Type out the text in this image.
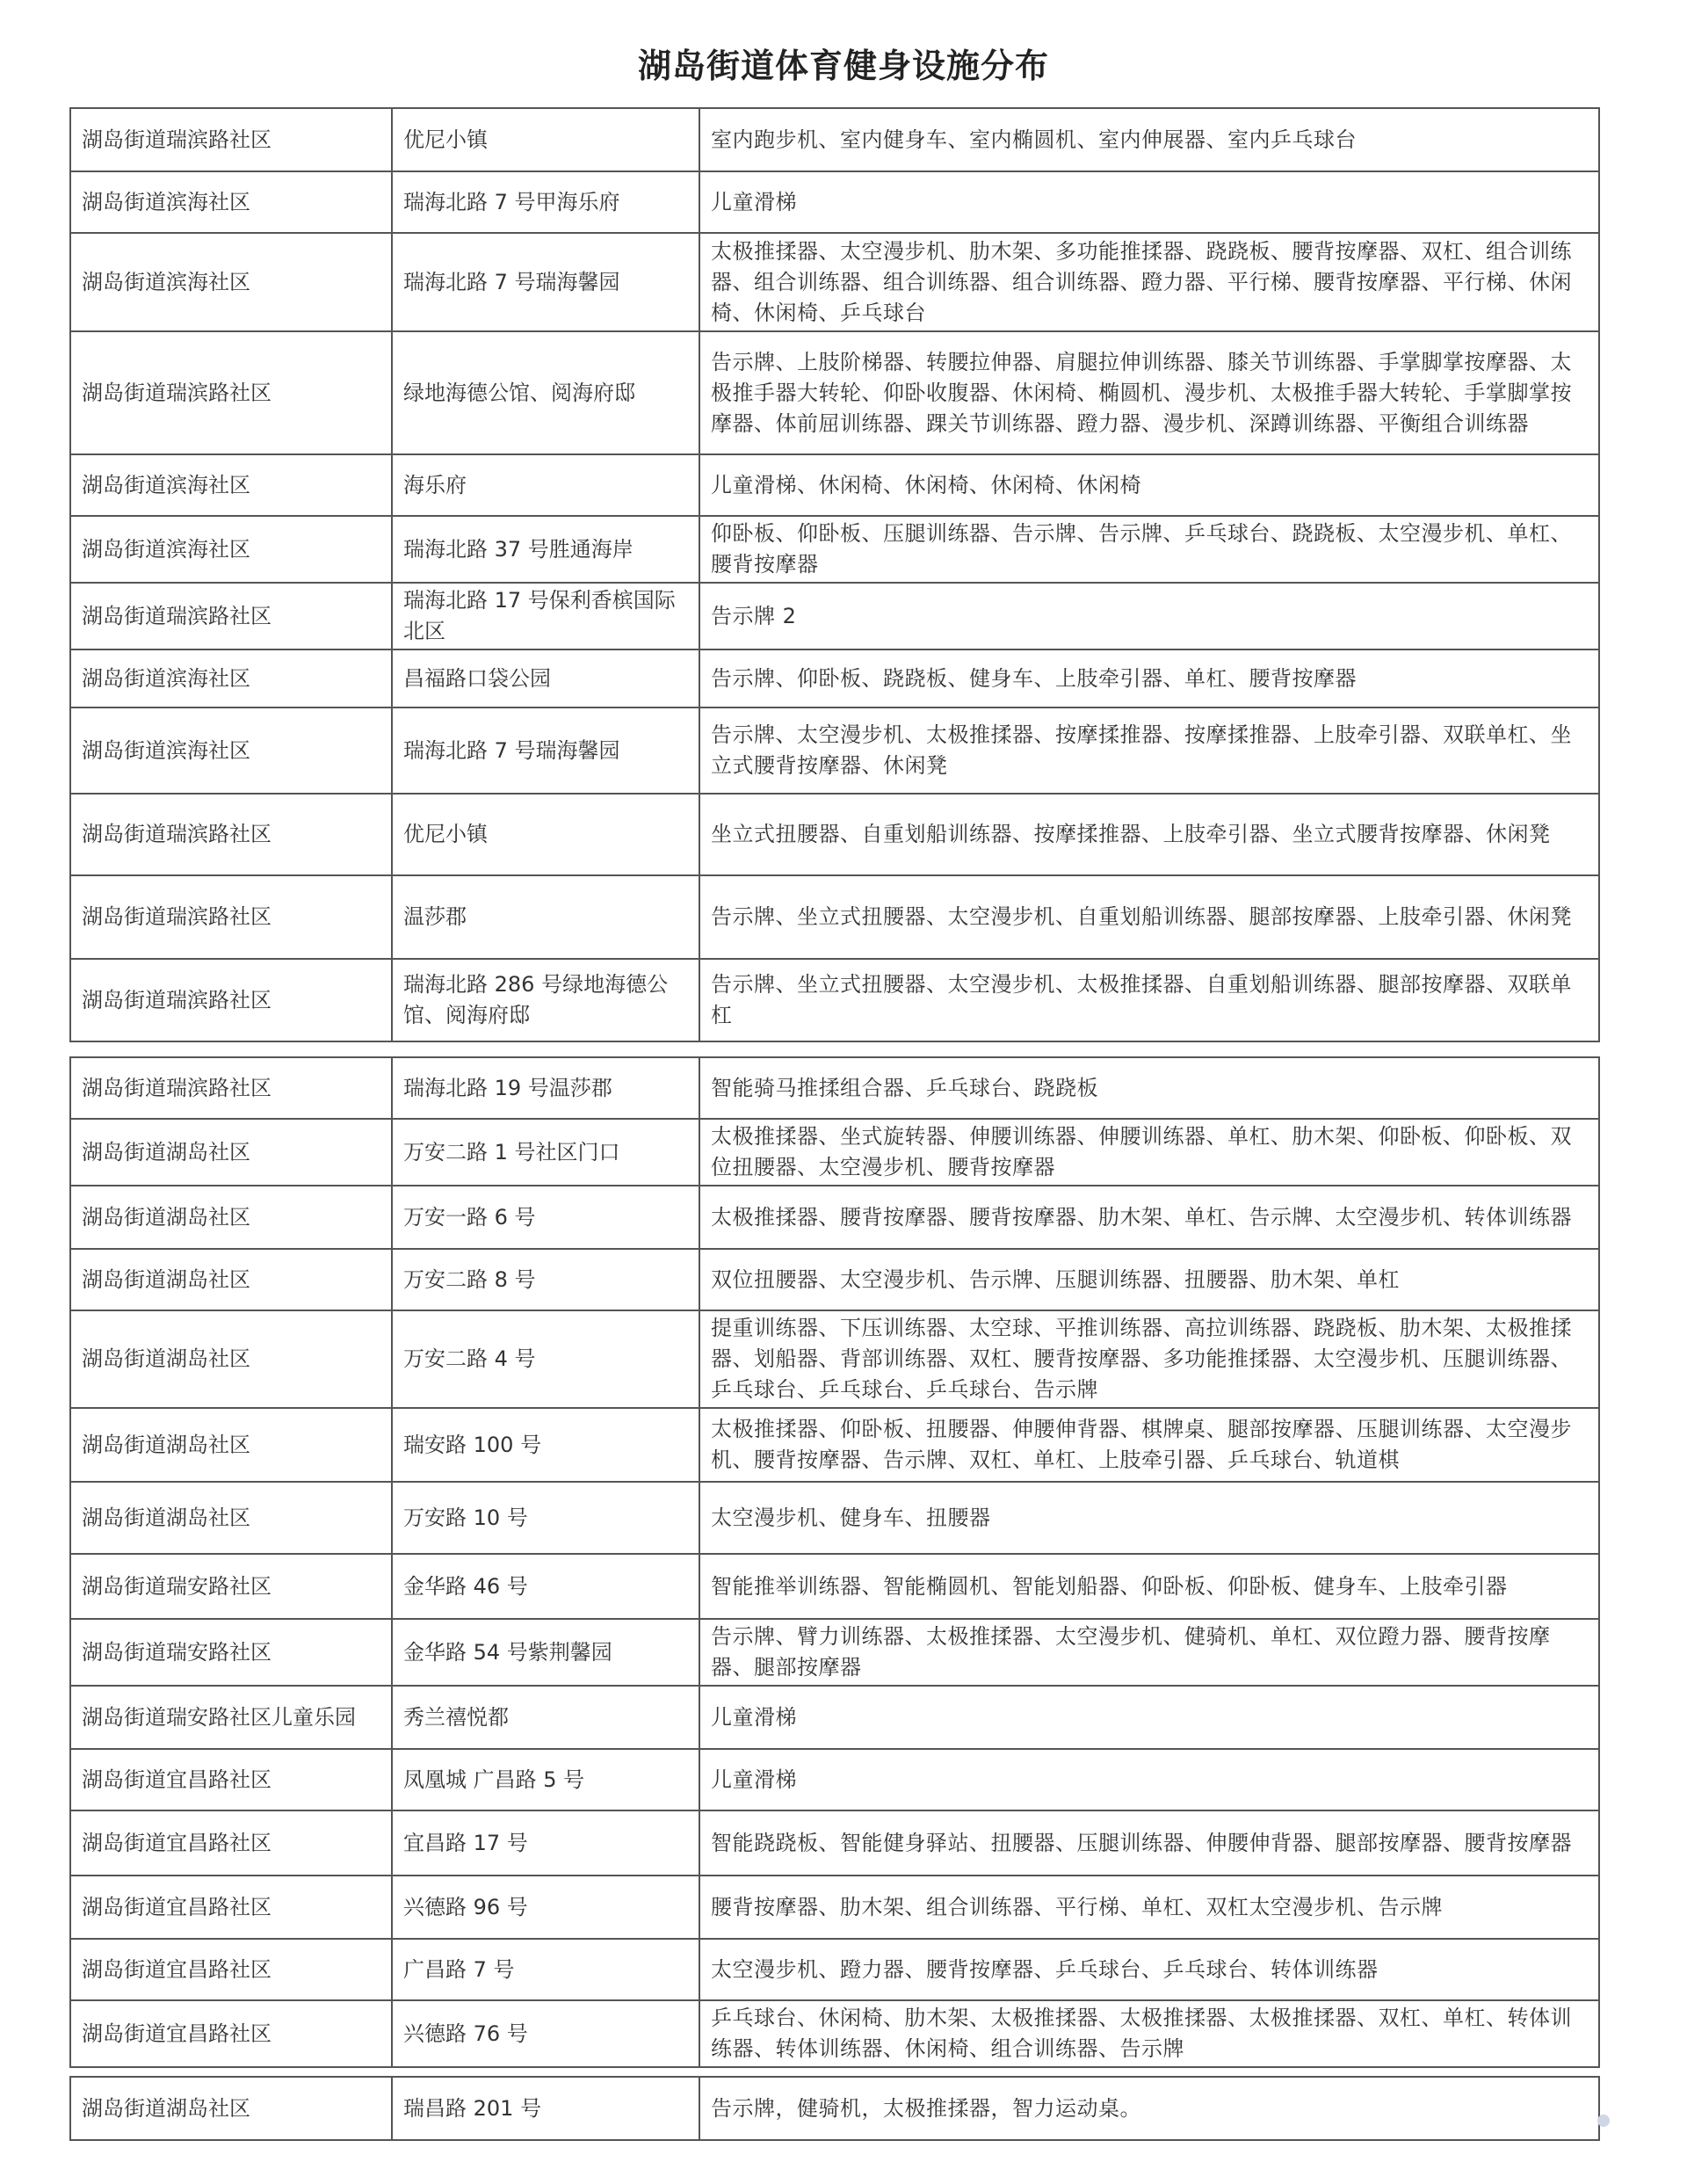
湖岛街道体育健身设施分布
湖岛街道瑞滨路社区	优尼小镇	室内跑步机、室内健身车、室内椭圆机、室内伸展器、室内乒乓球台
湖岛街道滨海社区	瑞海北路 7 号甲海乐府	儿童滑梯
湖岛街道滨海社区	瑞海北路 7 号瑞海馨园	太极推揉器、太空漫步机、肋木架、多功能推揉器、跷跷板、腰背按摩器、双杠、组合训练器、组合训练器、组合训练器、组合训练器、蹬力器、平行梯、腰背按摩器、平行梯、休闲椅、休闲椅、乒乓球台
湖岛街道瑞滨路社区	绿地海德公馆、阅海府邸	告示牌、上肢阶梯器、转腰拉伸器、肩腿拉伸训练器、膝关节训练器、手掌脚掌按摩器、太极推手器大转轮、仰卧收腹器、休闲椅、椭圆机、漫步机、太极推手器大转轮、手掌脚掌按摩器、体前屈训练器、踝关节训练器、蹬力器、漫步机、深蹲训练器、平衡组合训练器
湖岛街道滨海社区	海乐府	儿童滑梯、休闲椅、休闲椅、休闲椅、休闲椅
湖岛街道滨海社区	瑞海北路 37 号胜通海岸	仰卧板、仰卧板、压腿训练器、告示牌、告示牌、乒乓球台、跷跷板、太空漫步机、单杠、腰背按摩器
湖岛街道瑞滨路社区	瑞海北路 17 号保利香槟国际北区	告示牌 2
湖岛街道滨海社区	昌福路口袋公园	告示牌、仰卧板、跷跷板、健身车、上肢牵引器、单杠、腰背按摩器
湖岛街道滨海社区	瑞海北路 7 号瑞海馨园	告示牌、太空漫步机、太极推揉器、按摩揉推器、按摩揉推器、上肢牵引器、双联单杠、坐立式腰背按摩器、休闲凳
湖岛街道瑞滨路社区	优尼小镇	坐立式扭腰器、自重划船训练器、按摩揉推器、上肢牵引器、坐立式腰背按摩器、休闲凳
湖岛街道瑞滨路社区	温莎郡	告示牌、坐立式扭腰器、太空漫步机、自重划船训练器、腿部按摩器、上肢牵引器、休闲凳
湖岛街道瑞滨路社区	瑞海北路 286 号绿地海德公馆、阅海府邸	告示牌、坐立式扭腰器、太空漫步机、太极推揉器、自重划船训练器、腿部按摩器、双联单杠
湖岛街道瑞滨路社区	瑞海北路 19 号温莎郡	智能骑马推揉组合器、乒乓球台、跷跷板
湖岛街道湖岛社区	万安二路 1 号社区门口	太极推揉器、坐式旋转器、伸腰训练器、伸腰训练器、单杠、肋木架、仰卧板、仰卧板、双位扭腰器、太空漫步机、腰背按摩器
湖岛街道湖岛社区	万安一路 6 号	太极推揉器、腰背按摩器、腰背按摩器、肋木架、单杠、告示牌、太空漫步机、转体训练器
湖岛街道湖岛社区	万安二路 8 号	双位扭腰器、太空漫步机、告示牌、压腿训练器、扭腰器、肋木架、单杠
湖岛街道湖岛社区	万安二路 4 号	提重训练器、下压训练器、太空球、平推训练器、高拉训练器、跷跷板、肋木架、太极推揉器、划船器、背部训练器、双杠、腰背按摩器、多功能推揉器、太空漫步机、压腿训练器、乒乓球台、乒乓球台、乒乓球台、告示牌
湖岛街道湖岛社区	瑞安路 100 号	太极推揉器、仰卧板、扭腰器、伸腰伸背器、棋牌桌、腿部按摩器、压腿训练器、太空漫步机、腰背按摩器、告示牌、双杠、单杠、上肢牵引器、乒乓球台、轨道棋
湖岛街道湖岛社区	万安路 10 号	太空漫步机、健身车、扭腰器
湖岛街道瑞安路社区	金华路 46 号	智能推举训练器、智能椭圆机、智能划船器、仰卧板、仰卧板、健身车、上肢牵引器
湖岛街道瑞安路社区	金华路 54 号紫荆馨园	告示牌、臂力训练器、太极推揉器、太空漫步机、健骑机、单杠、双位蹬力器、腰背按摩器、腿部按摩器
湖岛街道瑞安路社区儿童乐园	秀兰禧悦都	儿童滑梯
湖岛街道宜昌路社区	凤凰城 广昌路 5 号	儿童滑梯
湖岛街道宜昌路社区	宜昌路 17 号	智能跷跷板、智能健身驿站、扭腰器、压腿训练器、伸腰伸背器、腿部按摩器、腰背按摩器
湖岛街道宜昌路社区	兴德路 96 号	腰背按摩器、肋木架、组合训练器、平行梯、单杠、双杠太空漫步机、告示牌
湖岛街道宜昌路社区	广昌路 7 号	太空漫步机、蹬力器、腰背按摩器、乒乓球台、乒乓球台、转体训练器
湖岛街道宜昌路社区	兴德路 76 号	乒乓球台、休闲椅、肋木架、太极推揉器、太极推揉器、太极推揉器、双杠、单杠、转体训练器、转体训练器、休闲椅、组合训练器、告示牌
湖岛街道湖岛社区	瑞昌路 201 号	告示牌，健骑机，太极推揉器，智力运动桌。
